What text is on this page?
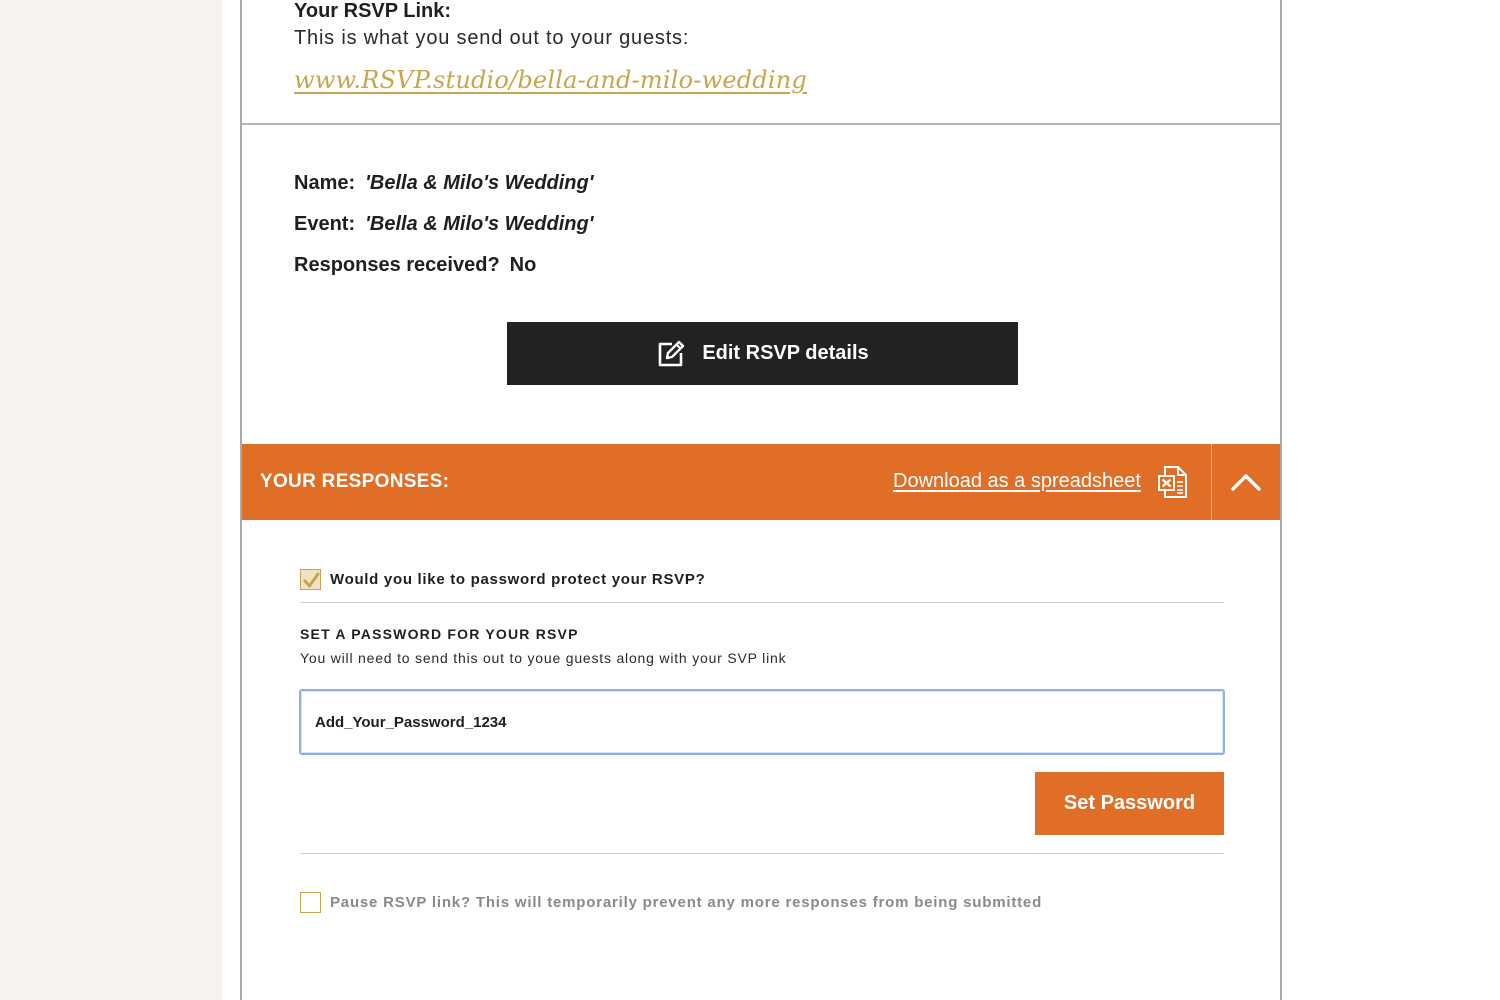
Your RSVP Link:
This is what you send out to your guests:
www.RSVP.studio/bella-and-milo-wedding
Name: 'Bella & Milo's Wedding'
Event: 'Bella & Milo's Wedding'
Responses received? No
Edit RSVP details
YOUR RESPONSES:	Download as a spreadsheet
Would you like to password protect your RSVP?
SET A PASSWORD FOR YOUR RSVP
You will need to send this out to youe guests along with your SVP link
Add_Your_Password_1234
Set Password
Pause RSVP link? This will temporarily prevent any more responses from being submitted
